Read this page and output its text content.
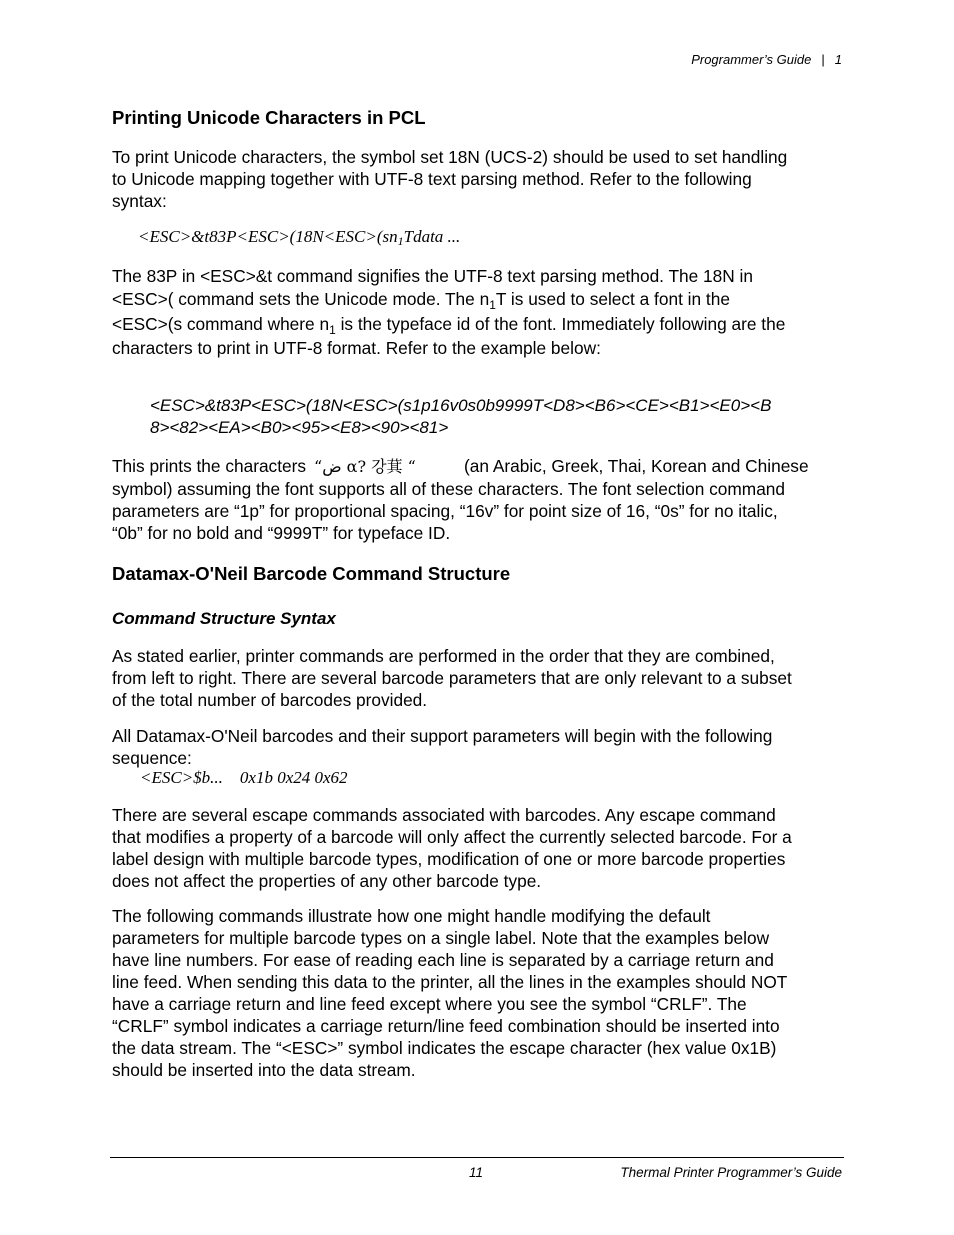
Programmer’s Guide | 1
Printing Unicode Characters in PCL
To print Unicode characters, the symbol set 18N (UCS-2) should be used to set handling
to Unicode mapping together with UTF-8 text parsing method. Refer to the following
syntax:
<ESC>&t83P<ESC>(18N<ESC>(sn1Tdata ...
The 83P in <ESC>&t command signifies the UTF-8 text parsing method. The 18N in
<ESC>( command sets the Unicode mode. The $n_1T$ is used to select a font in the
<ESC>(s command where $n_1$ is the typeface id of the font. Immediately following are the
characters to print in UTF-8 format. Refer to the example below:
<ESC>&t83P<ESC>(18N<ESC>(s1p16v0s0b9999T<D8><B6><CE><B1><E0><B
8><82><EA><B0><95><E8><90><81>
This prints the characters “ض α? 강萁 “	(an Arabic, Greek, Thai, Korean and Chinese
symbol) assuming the font supports all of these characters. The font selection command
parameters are “1p” for proportional spacing, “16v” for point size of 16, “0s” for no italic,
“0b” for no bold and “9999T” for typeface ID.
Datamax-O'Neil Barcode Command Structure
Command Structure Syntax
As stated earlier, printer commands are performed in the order that they are combined,
from left to right. There are several barcode parameters that are only relevant to a subset
of the total number of barcodes provided.
All Datamax-O'Neil barcodes and their support parameters will begin with the following
sequence:
<ESC>$b...    0x1b 0x24 0x62
There are several escape commands associated with barcodes. Any escape command
that modifies a property of a barcode will only affect the currently selected barcode. For a
label design with multiple barcode types, modification of one or more barcode properties
does not affect the properties of any other barcode type.
The following commands illustrate how one might handle modifying the default
parameters for multiple barcode types on a single label. Note that the examples below
have line numbers. For ease of reading each line is separated by a carriage return and
line feed. When sending this data to the printer, all the lines in the examples should NOT
have a carriage return and line feed except where you see the symbol “CRLF”. The
“CRLF” symbol indicates a carriage return/line feed combination should be inserted into
the data stream. The “<ESC>” symbol indicates the escape character (hex value 0x1B)
should be inserted into the data stream.
11	Thermal Printer Programmer’s Guide
